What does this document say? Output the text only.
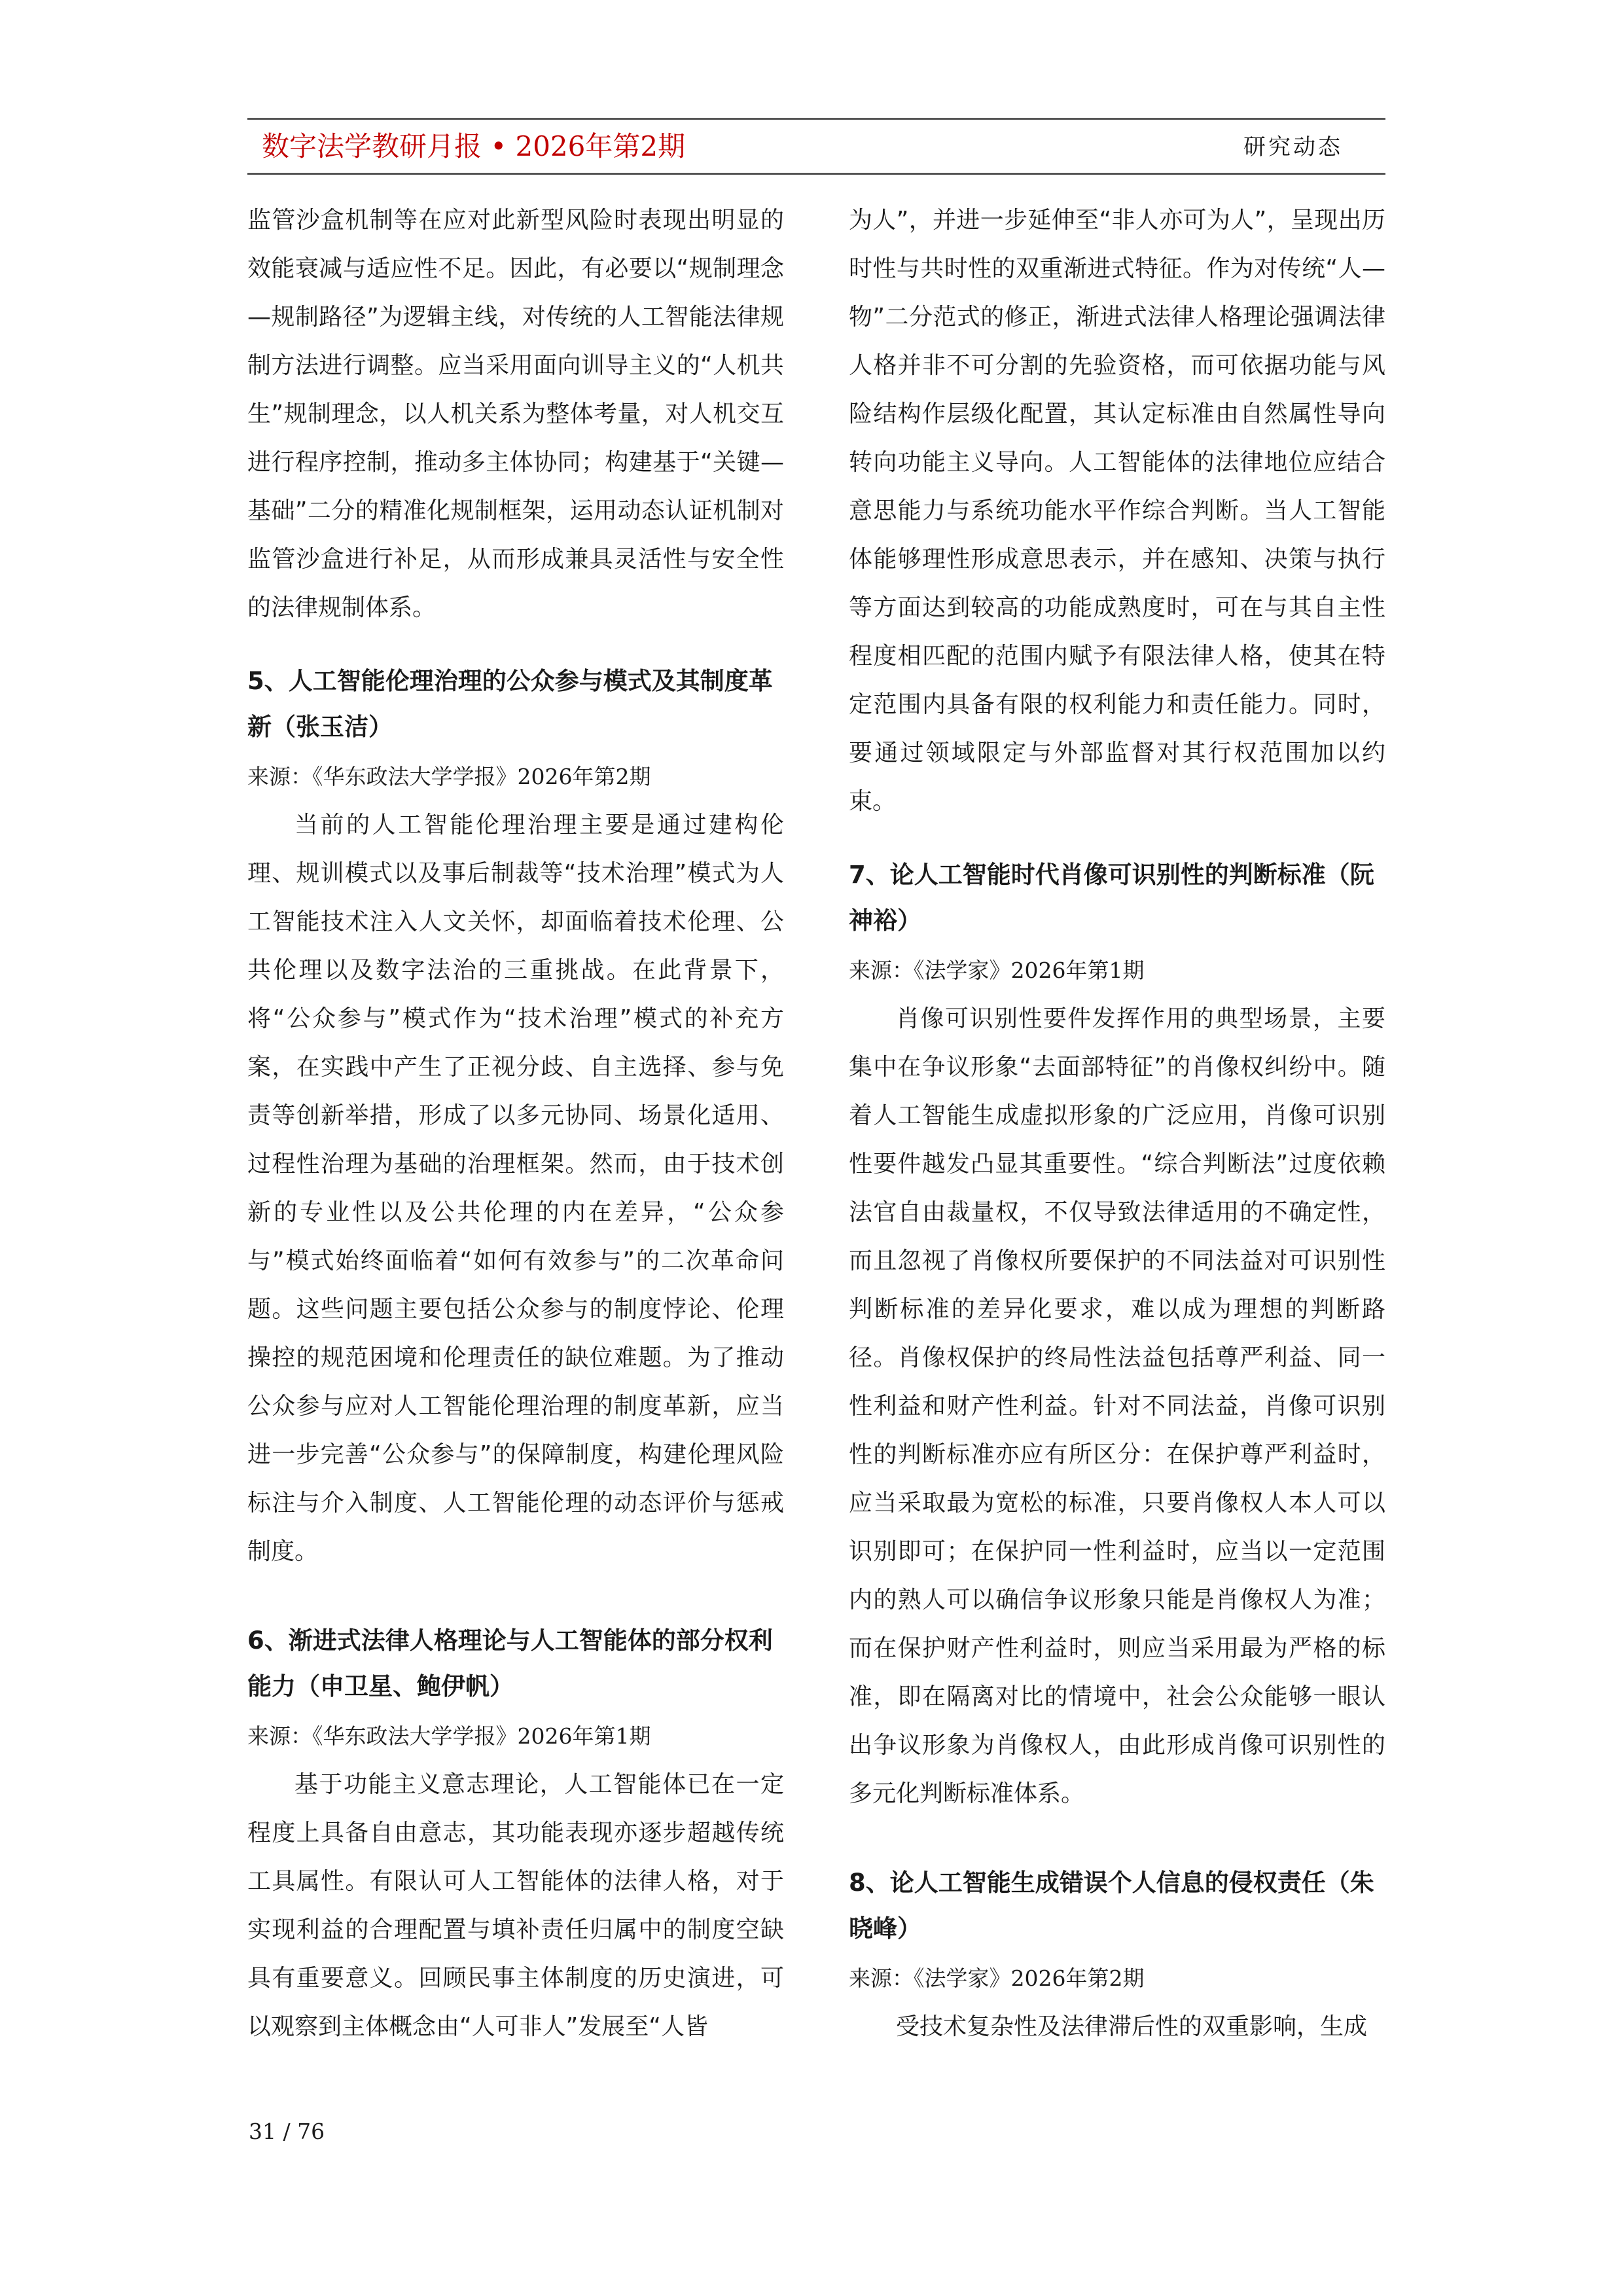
数字法学教研月报 • 2026年第2期	研究动态

监管沙盒机制等在应对此新型风险时表现出明显的效能衰减与适应性不足。因此，有必要以“规制理念—规制路径”为逻辑主线，对传统的人工智能法律规制方法进行调整。应当采用面向训导主义的“人机共生”规制理念，以人机关系为整体考量，对人机交互进行程序控制，推动多主体协同；构建基于“关键—基础”二分的精准化规制框架，运用动态认证机制对监管沙盒进行补足，从而形成兼具灵活性与安全性的法律规制体系。

5、人工智能伦理治理的公众参与模式及其制度革新（张玉洁）
来源：《华东政法大学学报》2026年第2期

当前的人工智能伦理治理主要是通过建构伦理、规训模式以及事后制裁等“技术治理”模式为人工智能技术注入人文关怀，却面临着技术伦理、公共伦理以及数字法治的三重挑战。在此背景下，将“公众参与”模式作为“技术治理”模式的补充方案，在实践中产生了正视分歧、自主选择、参与免责等创新举措，形成了以多元协同、场景化适用、过程性治理为基础的治理框架。然而，由于技术创新的专业性以及公共伦理的内在差异，“公众参与”模式始终面临着“如何有效参与”的二次革命问题。这些问题主要包括公众参与的制度悖论、伦理操控的规范困境和伦理责任的缺位难题。为了推动公众参与应对人工智能伦理治理的制度革新，应当进一步完善“公众参与”的保障制度，构建伦理风险标注与介入制度、人工智能伦理的动态评价与惩戒制度。

6、渐进式法律人格理论与人工智能体的部分权利能力（申卫星、鲍伊帆）
来源：《华东政法大学学报》2026年第1期

基于功能主义意志理论，人工智能体已在一定程度上具备自由意志，其功能表现亦逐步超越传统工具属性。有限认可人工智能体的法律人格，对于实现利益的合理配置与填补责任归属中的制度空缺具有重要意义。回顾民事主体制度的历史演进，可以观察到主体概念由“人可非人”发展至“人皆

为人”，并进一步延伸至“非人亦可为人”，呈现出历时性与共时性的双重渐进式特征。作为对传统“人—物”二分范式的修正，渐进式法律人格理论强调法律人格并非不可分割的先验资格，而可依据功能与风险结构作层级化配置，其认定标准由自然属性导向转向功能主义导向。人工智能体的法律地位应结合意思能力与系统功能水平作综合判断。当人工智能体能够理性形成意思表示，并在感知、决策与执行等方面达到较高的功能成熟度时，可在与其自主性程度相匹配的范围内赋予有限法律人格，使其在特定范围内具备有限的权利能力和责任能力。同时，要通过领域限定与外部监督对其行权范围加以约束。

7、论人工智能时代肖像可识别性的判断标准（阮神裕）
来源：《法学家》2026年第1期

肖像可识别性要件发挥作用的典型场景，主要集中在争议形象“去面部特征”的肖像权纠纷中。随着人工智能生成虚拟形象的广泛应用，肖像可识别性要件越发凸显其重要性。“综合判断法”过度依赖法官自由裁量权，不仅导致法律适用的不确定性，而且忽视了肖像权所要保护的不同法益对可识别性判断标准的差异化要求，难以成为理想的判断路径。肖像权保护的终局性法益包括尊严利益、同一性利益和财产性利益。针对不同法益，肖像可识别性的判断标准亦应有所区分：在保护尊严利益时，应当采取最为宽松的标准，只要肖像权人本人可以识别即可；在保护同一性利益时，应当以一定范围内的熟人可以确信争议形象只能是肖像权人为准；而在保护财产性利益时，则应当采用最为严格的标准，即在隔离对比的情境中，社会公众能够一眼认出争议形象为肖像权人，由此形成肖像可识别性的多元化判断标准体系。

8、论人工智能生成错误个人信息的侵权责任（朱晓峰）
来源：《法学家》2026年第2期

受技术复杂性及法律滞后性的双重影响，生成

31 / 76
